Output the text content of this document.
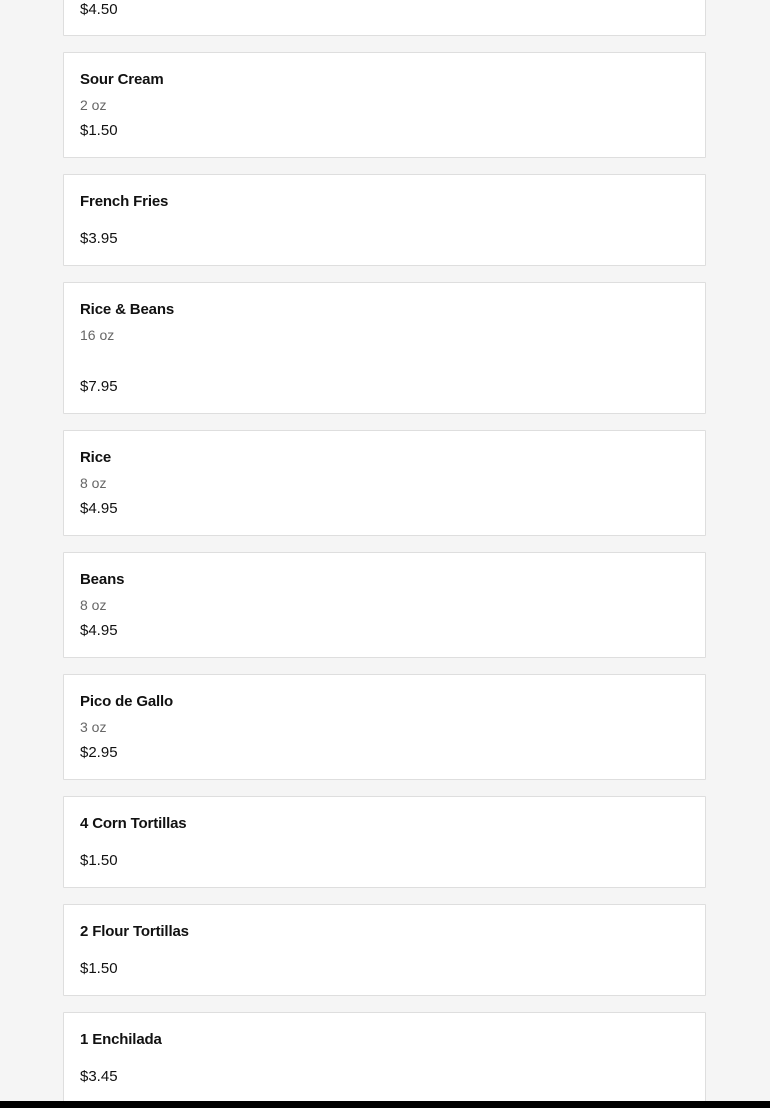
$4.50
Sour Cream
2 oz
$1.50
French Fries
$3.95
Rice & Beans
16 oz
$7.95
Rice
8 oz
$4.95
Beans
8 oz
$4.95
Pico de Gallo
3 oz
$2.95
4 Corn Tortillas
$1.50
2 Flour Tortillas
$1.50
1 Enchilada
$3.45
